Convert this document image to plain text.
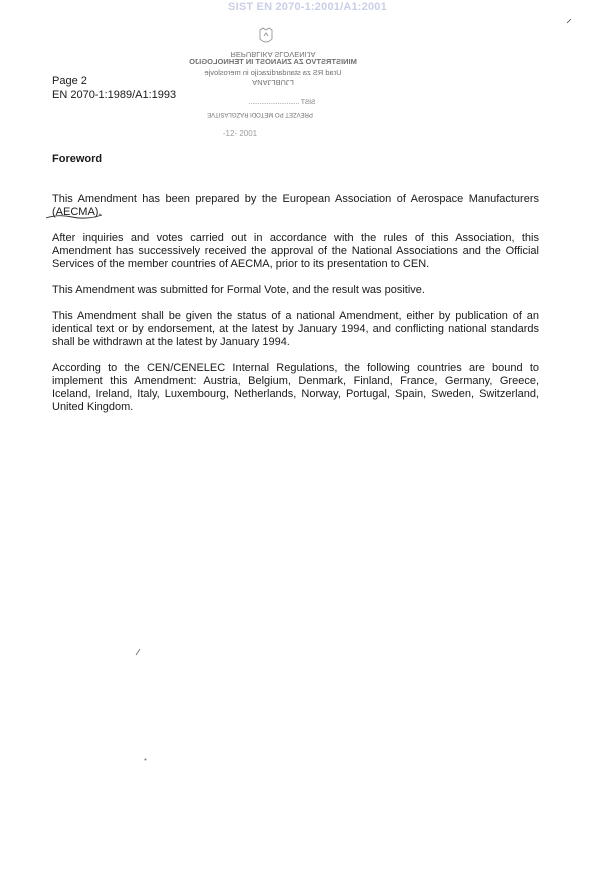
SIST EN 2070-1:2001/A1:2001
REPUBLIKA SLOVENIJA
MINISTRSTVO ZA ZNANOST IN TEHNOLOGIJO
Urad RS za standardizacijo in meroslovje
LJUBLJANA
SIST ............................
PREVZET PO METODI RAZGLASITVE
-12- 2001
Page 2
EN 2070-1:1989/A1:1993
Foreword

This Amendment has been prepared by the European Association of Aerospace Manufacturers (AECMA).

After inquiries and votes carried out in accordance with the rules of this Association, this Amendment has successively received the approval of the National Associations and the Official Services of the member countries of AECMA, prior to its presentation to CEN.

This Amendment was submitted for Formal Vote, and the result was positive.

This Amendment shall be given the status of a national Amendment, either by publication of an identical text or by endorsement, at the latest by January 1994, and conflicting national standards shall be withdrawn at the latest by January 1994.

According to the CEN/CENELEC Internal Regulations, the following countries are bound to implement this Amendment: Austria, Belgium, Denmark, Finland, France, Germany, Greece, Iceland, Ireland, Italy, Luxembourg, Netherlands, Norway, Portugal, Spain, Sweden, Switzerland, United Kingdom.
